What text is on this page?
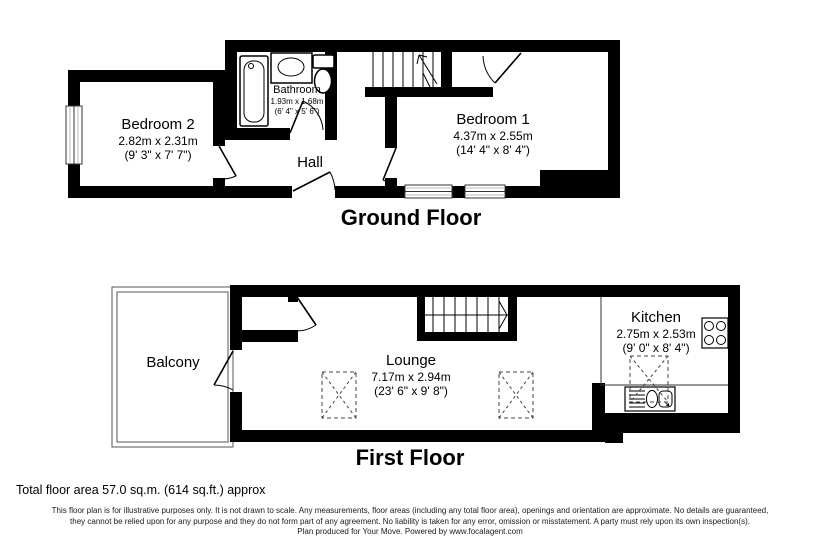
Bedroom 2
2.82m x 2.31m
(9' 3" x 7' 7")
Bathroom
1.93m x 1.68m
(6' 4" x 5' 6")
Hall
Bedroom 1
4.37m x 2.55m
(14' 4" x 8' 4")
Ground Floor
Balcony	Lounge
7.17m x 2.94m
(23' 6" x 9' 8")
Kitchen
2.75m x 2.53m
(9' 0" x 8' 4")
First Floor
Total floor area 57.0 sq.m. (614 sq.ft.) approx
This floor plan is for illustrative purposes only. It is not drawn to scale. Any measurements, floor areas (including any total floor area), openings and orientation are approximate. No details are guaranteed,
they cannot be relied upon for any purpose and they do not form part of any agreement. No liability is taken for any error, omission or misstatement. A party must rely upon its own inspection(s).
Plan produced for Your Move. Powered by www.focalagent.com
